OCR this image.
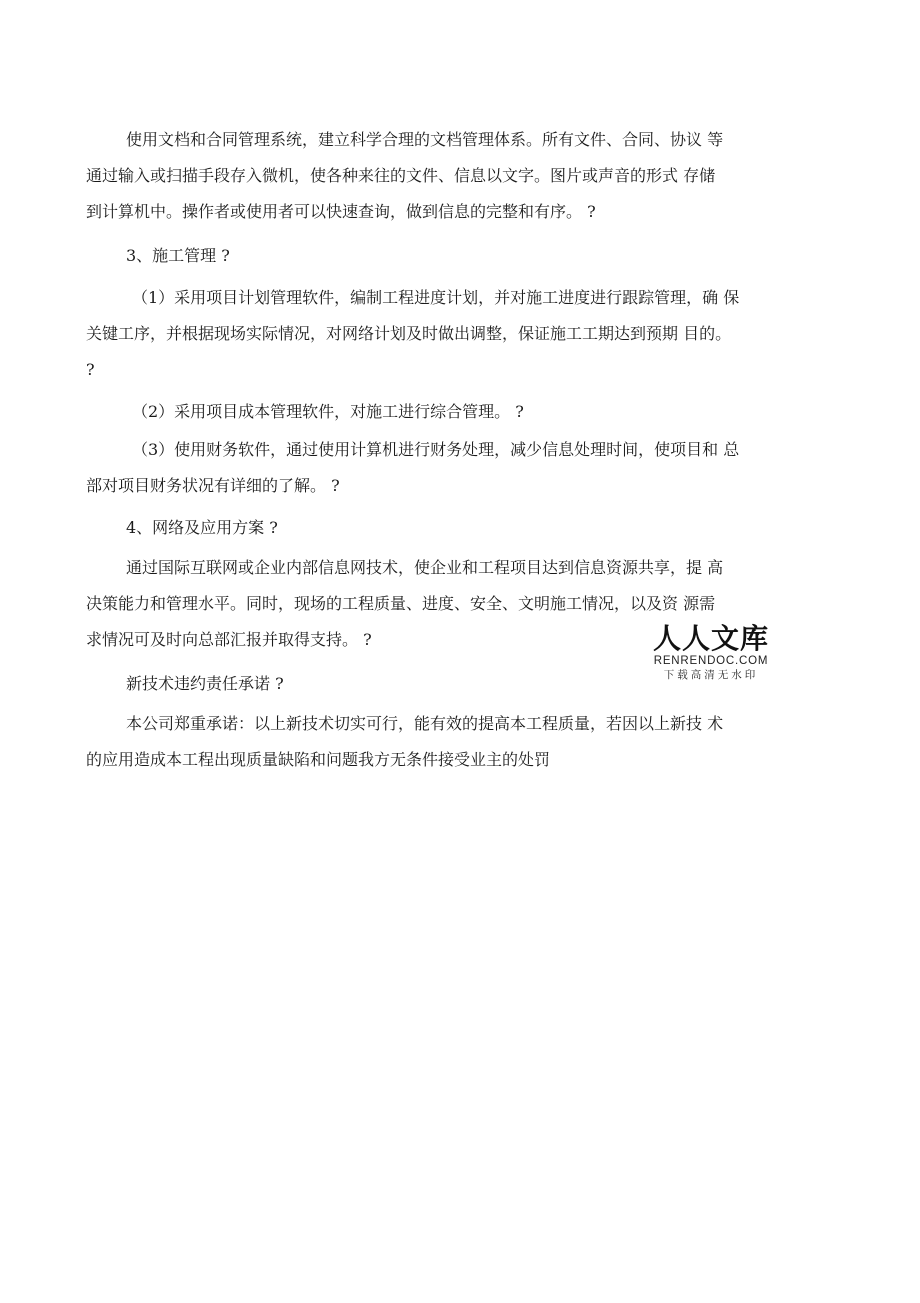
使用文档和合同管理系统，建立科学合理的文档管理体系。所有文件、合同、协议 等
通过输入或扫描手段存入微机，使各种来往的文件、信息以文字。图片或声音的形式 存储
到计算机中。操作者或使用者可以快速查询，做到信息的完整和有序。 ?
3、施工管理 ?
（1）采用项目计划管理软件，编制工程进度计划，并对施工进度进行跟踪管理，确 保
关键工序，并根据现场实际情况，对网络计划及时做出调整，保证施工工期达到预期 目的。
?
（2）采用项目成本管理软件，对施工进行综合管理。 ?
（3）使用财务软件，通过使用计算机进行财务处理，减少信息处理时间，使项目和 总
部对项目财务状况有详细的了解。 ?
4、网络及应用方案 ?
通过国际互联网或企业内部信息网技术，使企业和工程项目达到信息资源共享，提 高
决策能力和管理水平。同时，现场的工程质量、进度、安全、文明施工情况，以及资 源需
求情况可及时向总部汇报并取得支持。 ?
新技术违约责任承诺 ?
本公司郑重承诺：以上新技术切实可行，能有效的提高本工程质量，若因以上新技 术
的应用造成本工程出现质量缺陷和问题我方无条件接受业主的处罚
人人文库
RENRENDOC.COM
下载高清无水印
